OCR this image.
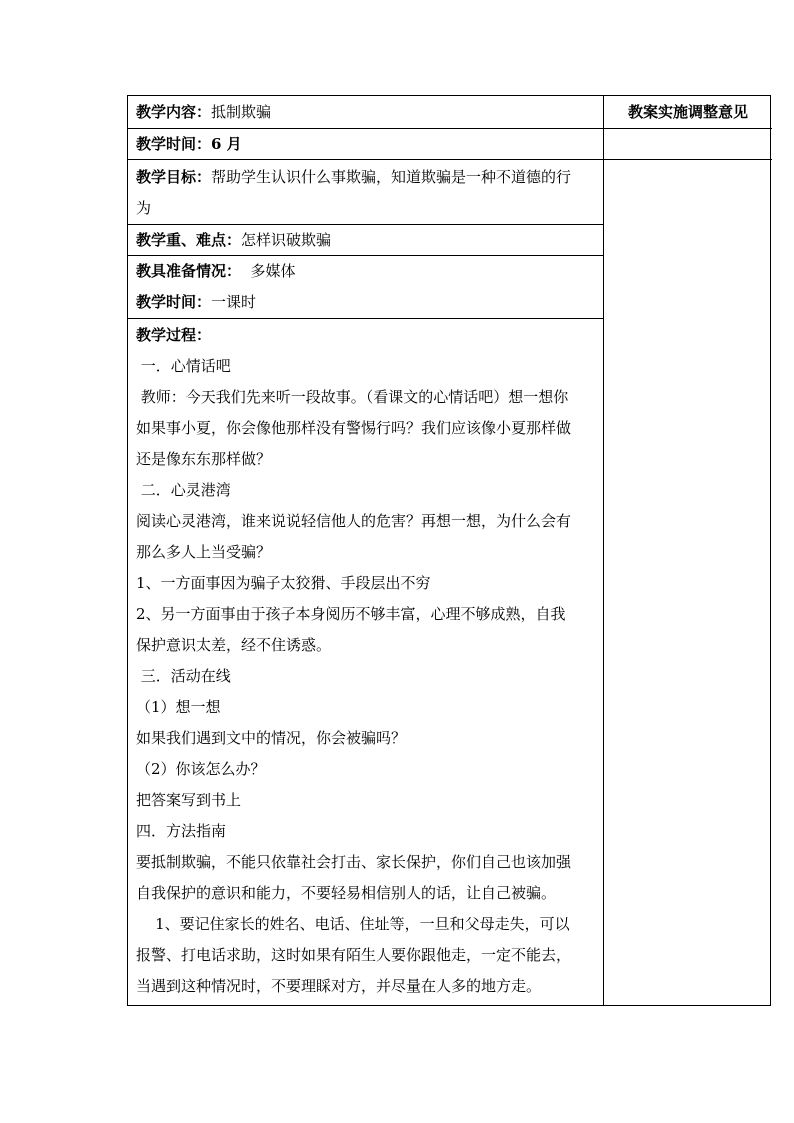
教学内容：抵制欺骗	教案实施调整意见
教学时间：6 月
教学目标：帮助学生认识什么事欺骗，知道欺骗是一种不道德的行
为
教学重、难点：怎样识破欺骗
教具准备情况：  多媒体
教学时间：一课时
教学过程：
一．心情话吧
教师：今天我们先来听一段故事。（看课文的心情话吧）想一想你
如果事小夏，你会像他那样没有警惕行吗？我们应该像小夏那样做
还是像东东那样做？
二．心灵港湾
阅读心灵港湾，谁来说说轻信他人的危害？再想一想，为什么会有
那么多人上当受骗？
1、一方面事因为骗子太狡猾、手段层出不穷
2、另一方面事由于孩子本身阅历不够丰富，心理不够成熟，自我
保护意识太差，经不住诱惑。
三．活动在线
（1）想一想
如果我们遇到文中的情况，你会被骗吗？
（2）你该怎么办？
把答案写到书上
四．方法指南
要抵制欺骗，不能只依靠社会打击、家长保护，你们自己也该加强
自我保护的意识和能力，不要轻易相信别人的话，让自己被骗。
1、要记住家长的姓名、电话、住址等，一旦和父母走失，可以
报警、打电话求助，这时如果有陌生人要你跟他走，一定不能去，
当遇到这种情况时，不要理睬对方，并尽量在人多的地方走。
